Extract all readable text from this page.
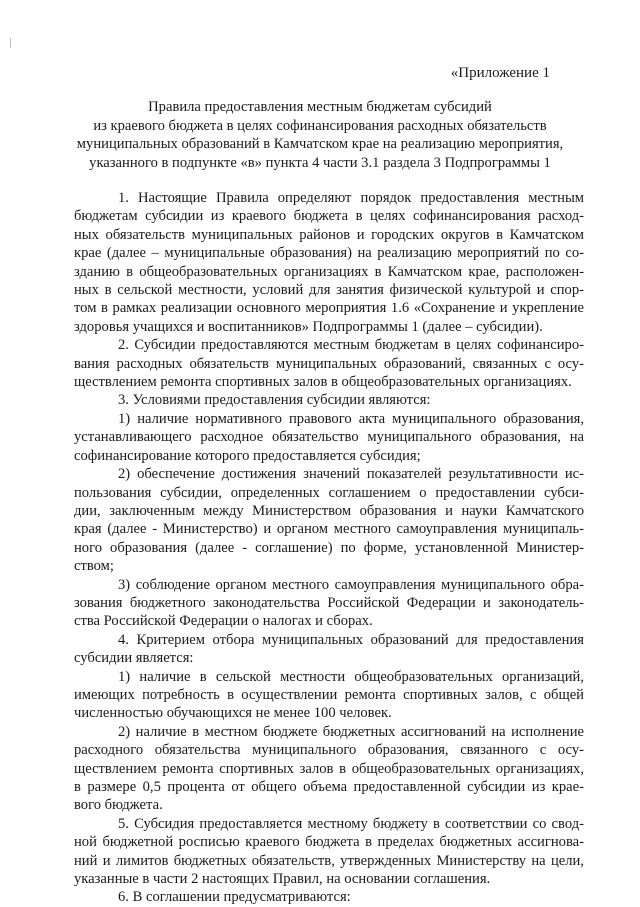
«Приложение 1
Правила предоставления местным бюджетам субсидий
из краевого бюджета в целях софинансирования расходных обязательств
муниципальных образований в Камчатском крае на реализацию мероприятия,
указанного в подпункте «в» пункта 4 части 3.1 раздела 3 Подпрограммы 1
1. Настоящие Правила определяют порядок предоставления местным
бюджетам субсидии из краевого бюджета в целях софинансирования расход-
ных обязательств муниципальных районов и городских округов в Камчатском
крае (далее – муниципальные образования) на реализацию мероприятий по со-
зданию в общеобразовательных организациях в Камчатском крае, расположен-
ных в сельской местности, условий для занятия физической культурой и спор-
том в рамках реализации основного мероприятия 1.6 «Сохранение и укрепление
здоровья учащихся и воспитанников» Подпрограммы 1 (далее – субсидии).
2. Субсидии предоставляются местным бюджетам в целях софинансиро-
вания расходных обязательств муниципальных образований, связанных с осу-
ществлением ремонта спортивных залов в общеобразовательных организациях.
3. Условиями предоставления субсидии являются:
1) наличие нормативного правового акта муниципального образования,
устанавливающего расходное обязательство муниципального образования, на
софинансирование которого предоставляется субсидия;
2) обеспечение достижения значений показателей результативности ис-
пользования субсидии, определенных соглашением о предоставлении субси-
дии, заключенным между Министерством образования и науки Камчатского
края (далее - Министерство) и органом местного самоуправления муниципаль-
ного образования (далее - соглашение) по форме, установленной Министер-
ством;
3) соблюдение органом местного самоуправления муниципального обра-
зования бюджетного законодательства Российской Федерации и законодатель-
ства Российской Федерации о налогах и сборах.
4. Критерием отбора муниципальных образований для предоставления
субсидии является:
1) наличие в сельской местности общеобразовательных организаций,
имеющих потребность в осуществлении ремонта спортивных залов, с общей
численностью обучающихся не менее 100 человек.
2) наличие в местном бюджете бюджетных ассигнований на исполнение
расходного обязательства муниципального образования, связанного с осу-
ществлением ремонта спортивных залов в общеобразовательных организациях,
в размере 0,5 процента от общего объема предоставленной субсидии из крае-
вого бюджета.
5. Субсидия предоставляется местному бюджету в соответствии со свод-
ной бюджетной росписью краевого бюджета в пределах бюджетных ассигнова-
ний и лимитов бюджетных обязательств, утвержденных Министерству на цели,
указанные в части 2 настоящих Правил, на основании соглашения.
6. В соглашении предусматриваются:
